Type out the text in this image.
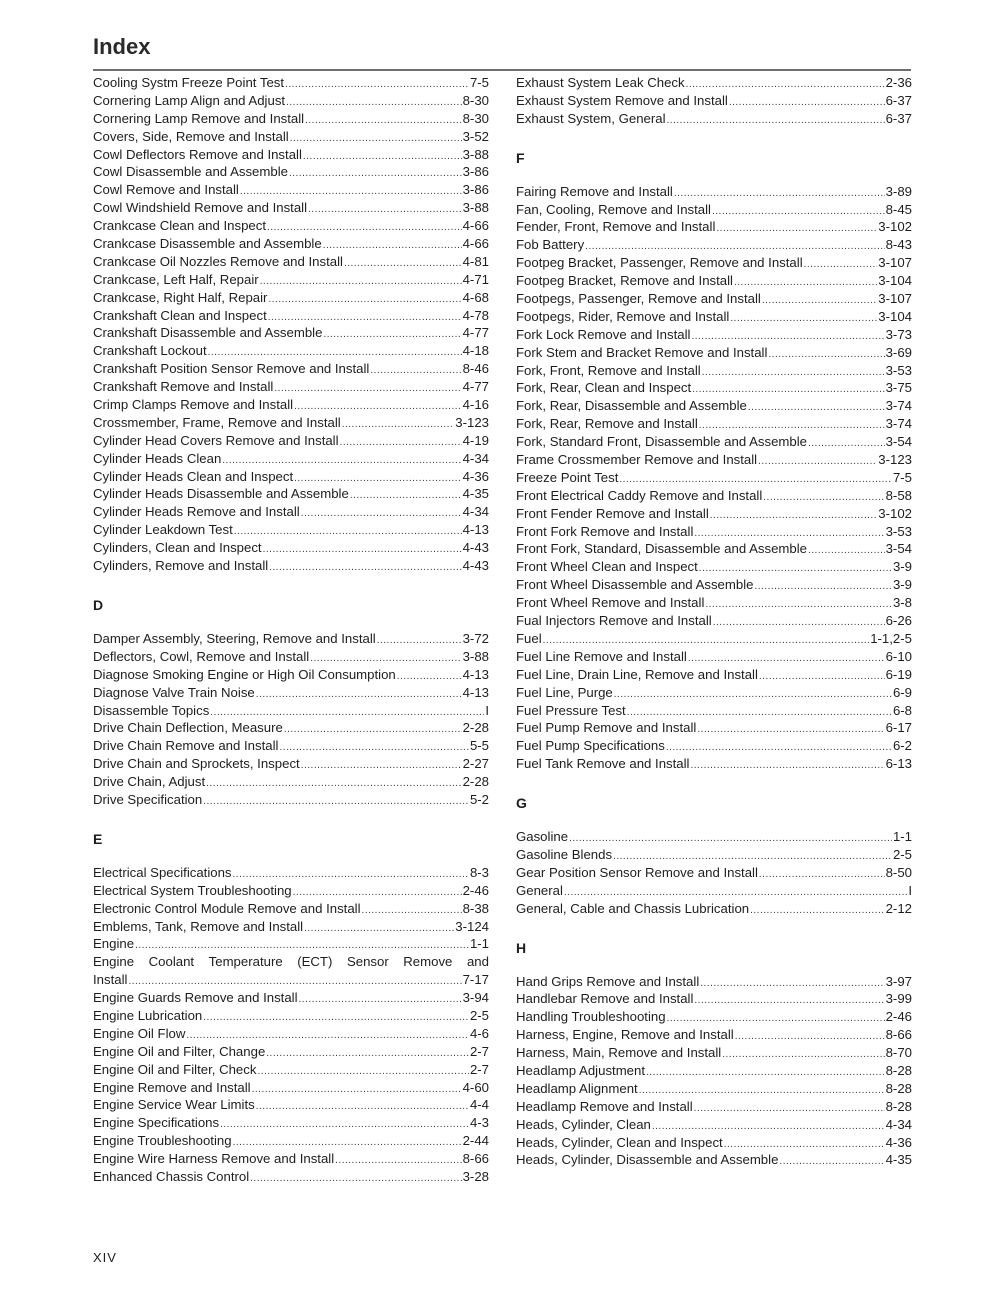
Index
Cooling Systm Freeze Point Test .....	7-5
Cornering Lamp Align and Adjust .....	8-30
Cornering Lamp Remove and Install .....	8-30
Covers, Side, Remove and Install .....	3-52
Cowl Deflectors Remove and Install .....	3-88
Cowl Disassemble and Assemble .....	3-86
Cowl Remove and Install .....	3-86
Cowl Windshield Remove and Install .....	3-88
Crankcase Clean and Inspect .....	4-66
Crankcase Disassemble and Assemble .....	4-66
Crankcase Oil Nozzles Remove and Install .....	4-81
Crankcase, Left Half, Repair .....	4-71
Crankcase, Right Half, Repair .....	4-68
Crankshaft Clean and Inspect .....	4-78
Crankshaft Disassemble and Assemble .....	4-77
Crankshaft Lockout .....	4-18
Crankshaft Position Sensor Remove and Install .....	8-46
Crankshaft Remove and Install .....	4-77
Crimp Clamps Remove and Install .....	4-16
Crossmember, Frame, Remove and Install .....	3-123
Cylinder Head Covers Remove and Install .....	4-19
Cylinder Heads Clean .....	4-34
Cylinder Heads Clean and Inspect .....	4-36
Cylinder Heads Disassemble and Assemble .....	4-35
Cylinder Heads Remove and Install .....	4-34
Cylinder Leakdown Test .....	4-13
Cylinders, Clean and Inspect .....	4-43
Cylinders, Remove and Install .....	4-43
D
Damper Assembly, Steering, Remove and Install .....	3-72
Deflectors, Cowl, Remove and Install .....	3-88
Diagnose Smoking Engine or High Oil Consumption .....	4-13
Diagnose Valve Train Noise .....	4-13
Disassemble Topics .....	I
Drive Chain Deflection, Measure .....	2-28
Drive Chain Remove and Install .....	5-5
Drive Chain and Sprockets, Inspect .....	2-27
Drive Chain, Adjust .....	2-28
Drive Specification .....	5-2
E
Electrical Specifications .....	8-3
Electrical System Troubleshooting .....	2-46
Electronic Control Module Remove and Install .....	8-38
Emblems, Tank, Remove and Install .....	3-124
Engine .....	1-1
Engine Coolant Temperature (ECT) Sensor Remove and
Install .....	7-17
Engine Guards Remove and Install .....	3-94
Engine Lubrication .....	2-5
Engine Oil Flow .....	4-6
Engine Oil and Filter, Change .....	2-7
Engine Oil and Filter, Check .....	2-7
Engine Remove and Install .....	4-60
Engine Service Wear Limits .....	4-4
Engine Specifications .....	4-3
Engine Troubleshooting .....	2-44
Engine Wire Harness Remove and Install .....	8-66
Enhanced Chassis Control .....	3-28
Exhaust System Leak Check .....	2-36
Exhaust System Remove and Install .....	6-37
Exhaust System, General .....	6-37
F
Fairing Remove and Install .....	3-89
Fan, Cooling, Remove and Install .....	8-45
Fender, Front, Remove and Install .....	3-102
Fob Battery .....	8-43
Footpeg Bracket, Passenger, Remove and Install .....	3-107
Footpeg Bracket, Remove and Install .....	3-104
Footpegs, Passenger, Remove and Install .....	3-107
Footpegs, Rider, Remove and Install .....	3-104
Fork Lock Remove and Install .....	3-73
Fork Stem and Bracket Remove and Install .....	3-69
Fork, Front, Remove and Install .....	3-53
Fork, Rear, Clean and Inspect .....	3-75
Fork, Rear, Disassemble and Assemble .....	3-74
Fork, Rear, Remove and Install .....	3-74
Fork, Standard Front, Disassemble and Assemble .....	3-54
Frame Crossmember Remove and Install .....	3-123
Freeze Point Test .....	7-5
Front Electrical Caddy Remove and Install .....	8-58
Front Fender Remove and Install .....	3-102
Front Fork Remove and Install .....	3-53
Front Fork, Standard, Disassemble and Assemble .....	3-54
Front Wheel Clean and Inspect .....	3-9
Front Wheel Disassemble and Assemble .....	3-9
Front Wheel Remove and Install .....	3-8
Fual Injectors Remove and Install .....	6-26
Fuel .....	1-1,2-5
Fuel Line Remove and Install .....	6-10
Fuel Line, Drain Line, Remove and Install .....	6-19
Fuel Line, Purge .....	6-9
Fuel Pressure Test .....	6-8
Fuel Pump Remove and Install .....	6-17
Fuel Pump Specifications .....	6-2
Fuel Tank Remove and Install .....	6-13
G
Gasoline .....	1-1
Gasoline Blends .....	2-5
Gear Position Sensor Remove and Install .....	8-50
General .....	I
General, Cable and Chassis Lubrication .....	2-12
H
Hand Grips Remove and Install .....	3-97
Handlebar Remove and Install .....	3-99
Handling Troubleshooting .....	2-46
Harness, Engine, Remove and Install .....	8-66
Harness, Main, Remove and Install .....	8-70
Headlamp Adjustment .....	8-28
Headlamp Alignment .....	8-28
Headlamp Remove and Install .....	8-28
Heads, Cylinder, Clean .....	4-34
Heads, Cylinder, Clean and Inspect .....	4-36
Heads, Cylinder, Disassemble and Assemble .....	4-35
XIV
